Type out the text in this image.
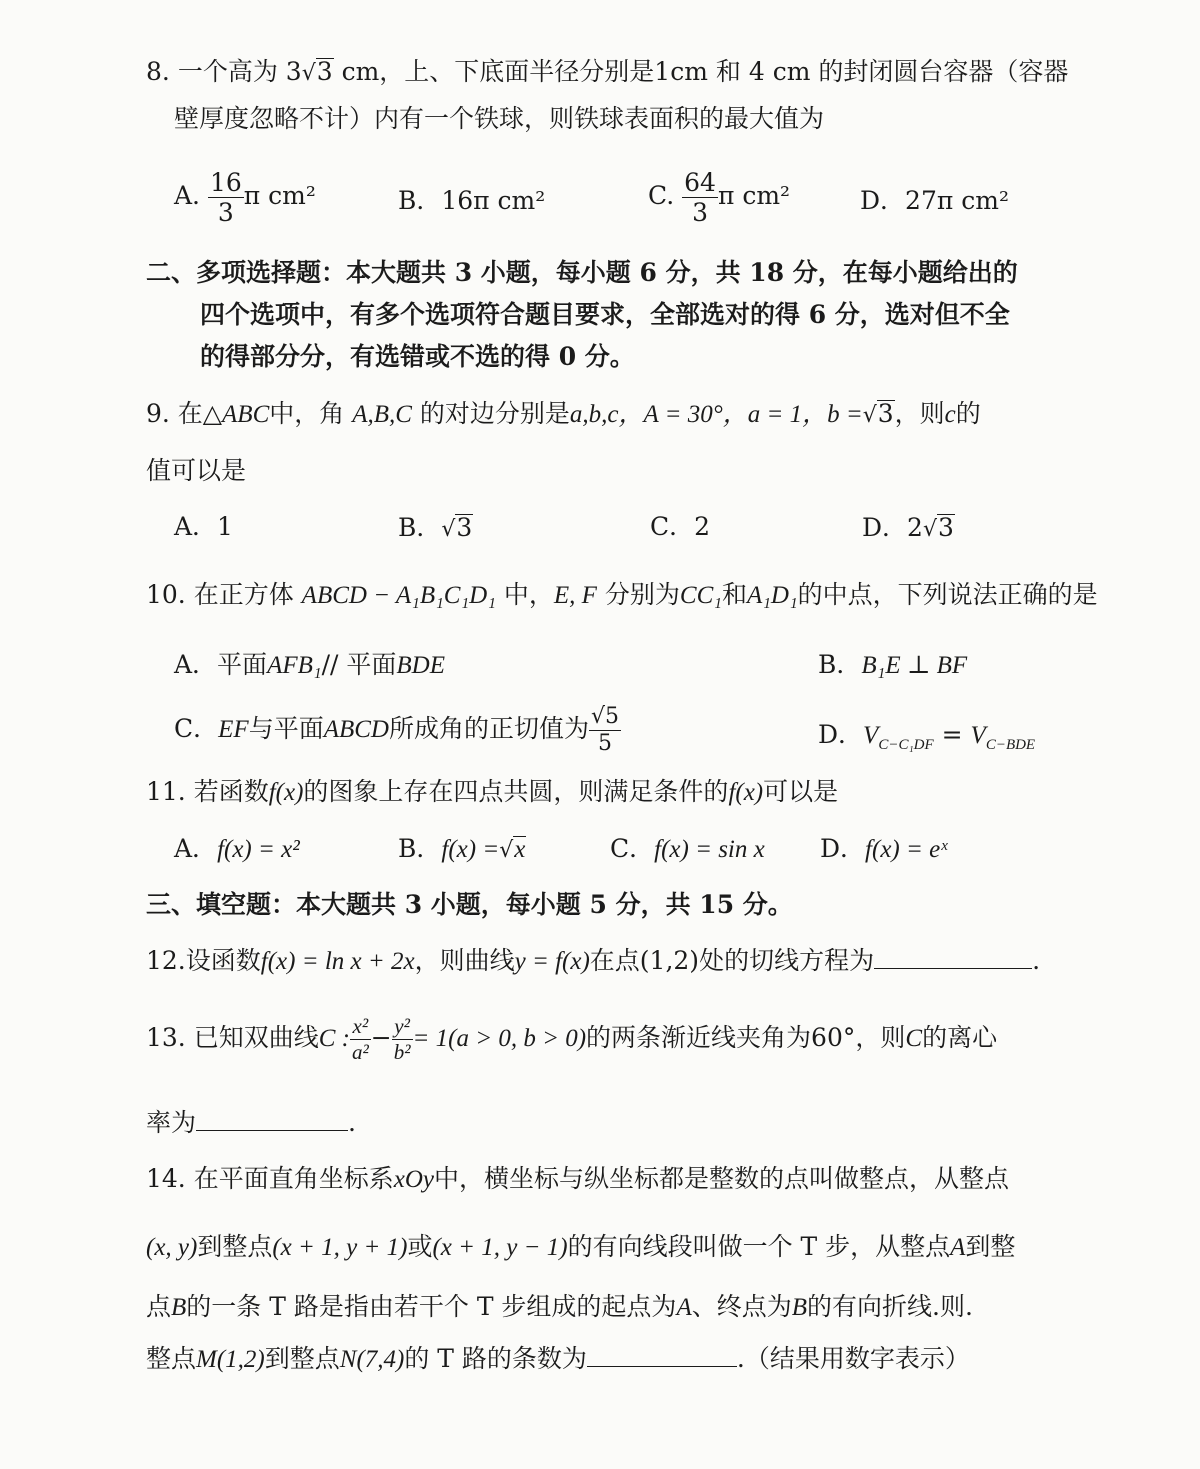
8. 一个高为 3√3 cm，上、下底面半径分别是1cm 和 4 cm 的封闭圆台容器（容器
壁厚度忽略不计）内有一个铁球，则铁球表面积的最大值为
A. $\frac{16}{3}$ π cm²	B．16π cm²	C. $\frac{64}{3}$ π cm²	D．27π cm²
二、多项选择题：本大题共 3 小题，每小题 6 分，共 18 分，在每小题给出的
四个选项中，有多个选项符合题目要求，全部选对的得 6 分，选对但不全
的得部分分，有选错或不选的得 0 分。
9. 在△ABC中，角 A,B,C 的对边分别是a,b,c，A = 30°，a = 1，b =√3，则c的
值可以是
A．1	B．√3	C．2	D．2√3
10. 在正方体 ABCD − A₁B₁C₁D₁ 中，E, F 分别为CC₁和A₁D₁的中点，下列说法正确的是
A．平面AFB₁// 平面BDE	B．B₁E ⊥ BF
C．EF与平面ABCD所成角的正切值为 $\frac{√5}{5}$	D．$V_{C-C_1DF} = V_{C-BDE}$
11. 若函数f(x)的图象上存在四点共圆，则满足条件的f(x)可以是
A．f(x) = x²	B．f(x) =√x	C．f(x) = sin x D．f(x) = eˣ
三、填空题：本大题共 3 小题，每小题 5 分，共 15 分。
12.设函数f(x) = ln x + 2x，则曲线y = f(x)在点(1,2)处的切线方程为	.
13. 已知双曲线C : $\frac{\text{x²}}{\text{a²}} - \frac{\text{y²}}{\text{b²}} = 1(a > 0$, b > 0)的两条渐近线夹角为60°，则C的离心
率为	.
14. 在平面直角坐标系xOy中，横坐标与纵坐标都是整数的点叫做整点，从整点
(x, y)到整点(x + 1, y + 1)或(x + 1, y − 1)的有向线段叫做一个 T 步，从整点A到整
点B的一条 T 路是指由若干个 T 步组成的起点为A、终点为B的有向折线.则.
整点M(1,2)到整点N(7,4)的 T 路的条数为	.（结果用数字表示）
